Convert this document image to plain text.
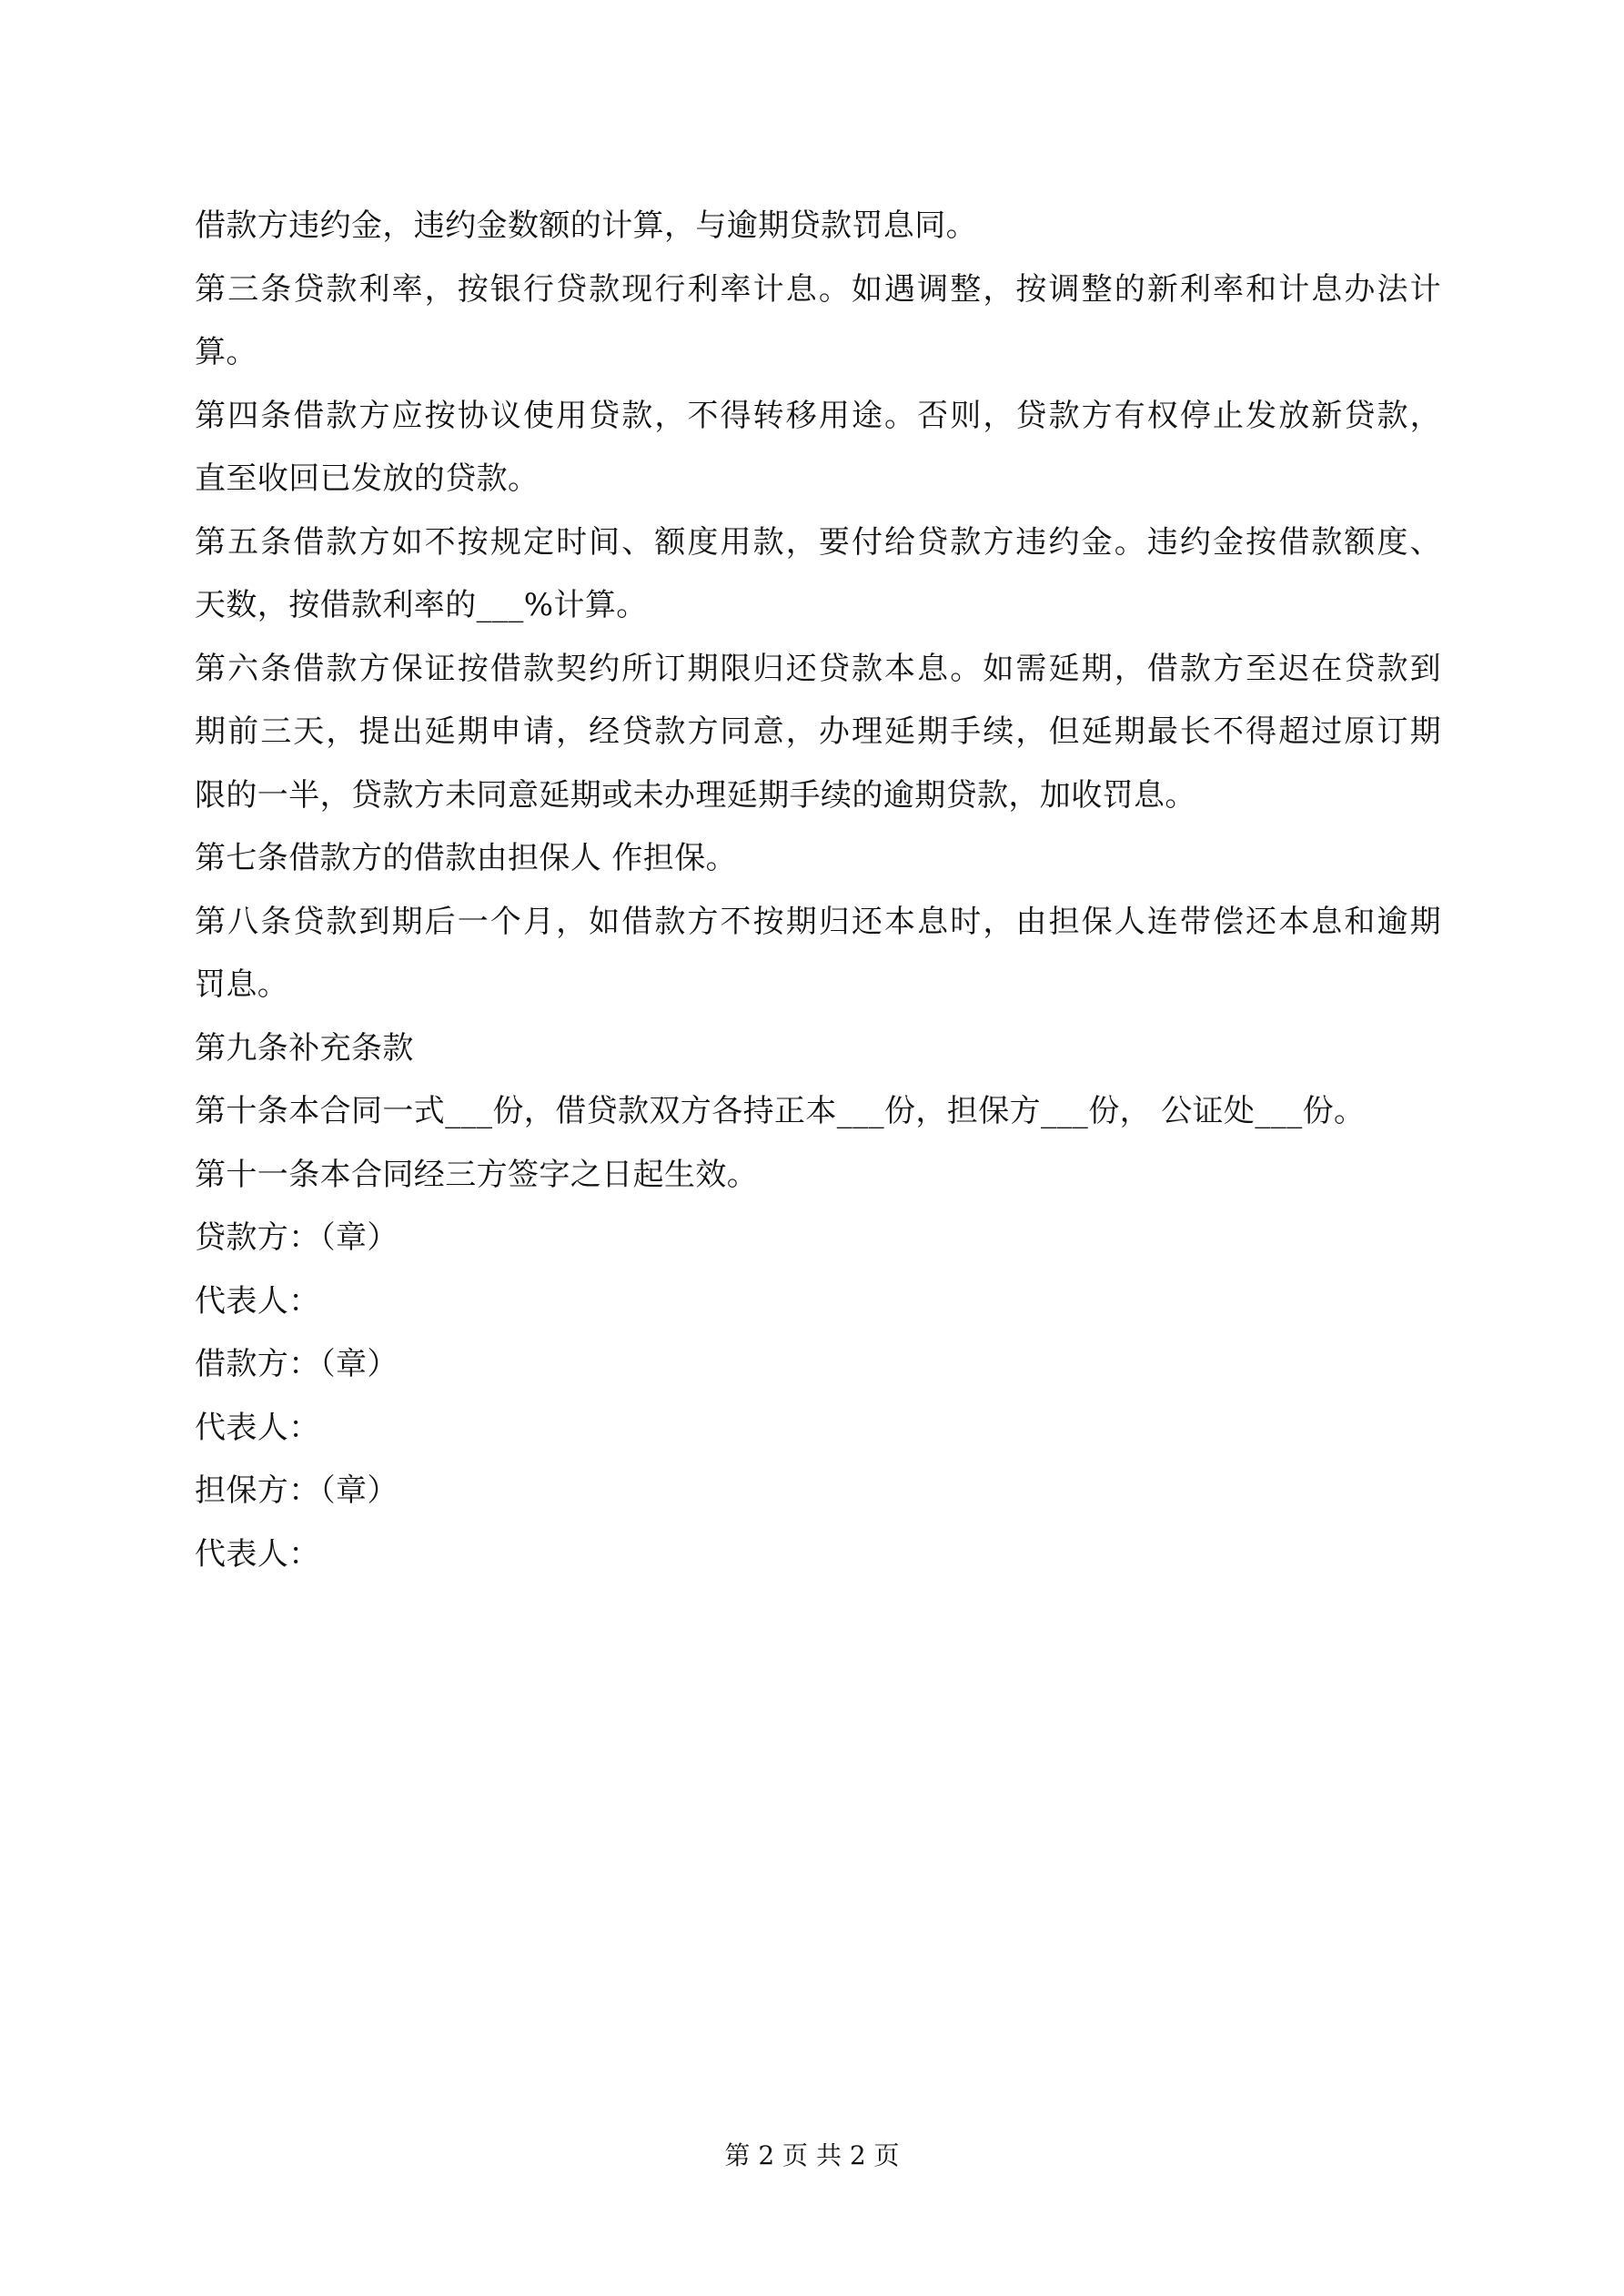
借款方违约金，违约金数额的计算，与逾期贷款罚息同。
第三条贷款利率，按银行贷款现行利率计息。如遇调整，按调整的新利率和计息办法计
算。
第四条借款方应按协议使用贷款，不得转移用途。否则，贷款方有权停止发放新贷款，
直至收回已发放的贷款。
第五条借款方如不按规定时间、额度用款，要付给贷款方违约金。违约金按借款额度、
天数，按借款利率的___%计算。
第六条借款方保证按借款契约所订期限归还贷款本息。如需延期，借款方至迟在贷款到
期前三天，提出延期申请，经贷款方同意，办理延期手续，但延期最长不得超过原订期
限的一半，贷款方未同意延期或未办理延期手续的逾期贷款，加收罚息。
第七条借款方的借款由担保人 作担保。
第八条贷款到期后一个月，如借款方不按期归还本息时，由担保人连带偿还本息和逾期
罚息。
第九条补充条款
第十条本合同一式___份，借贷款双方各持正本___份，担保方___份， 公证处___份。
第十一条本合同经三方签字之日起生效。
贷款方：（章）
代表人：
借款方：（章）
代表人：
担保方：（章）
代表人：
第 2 页 共 2 页
